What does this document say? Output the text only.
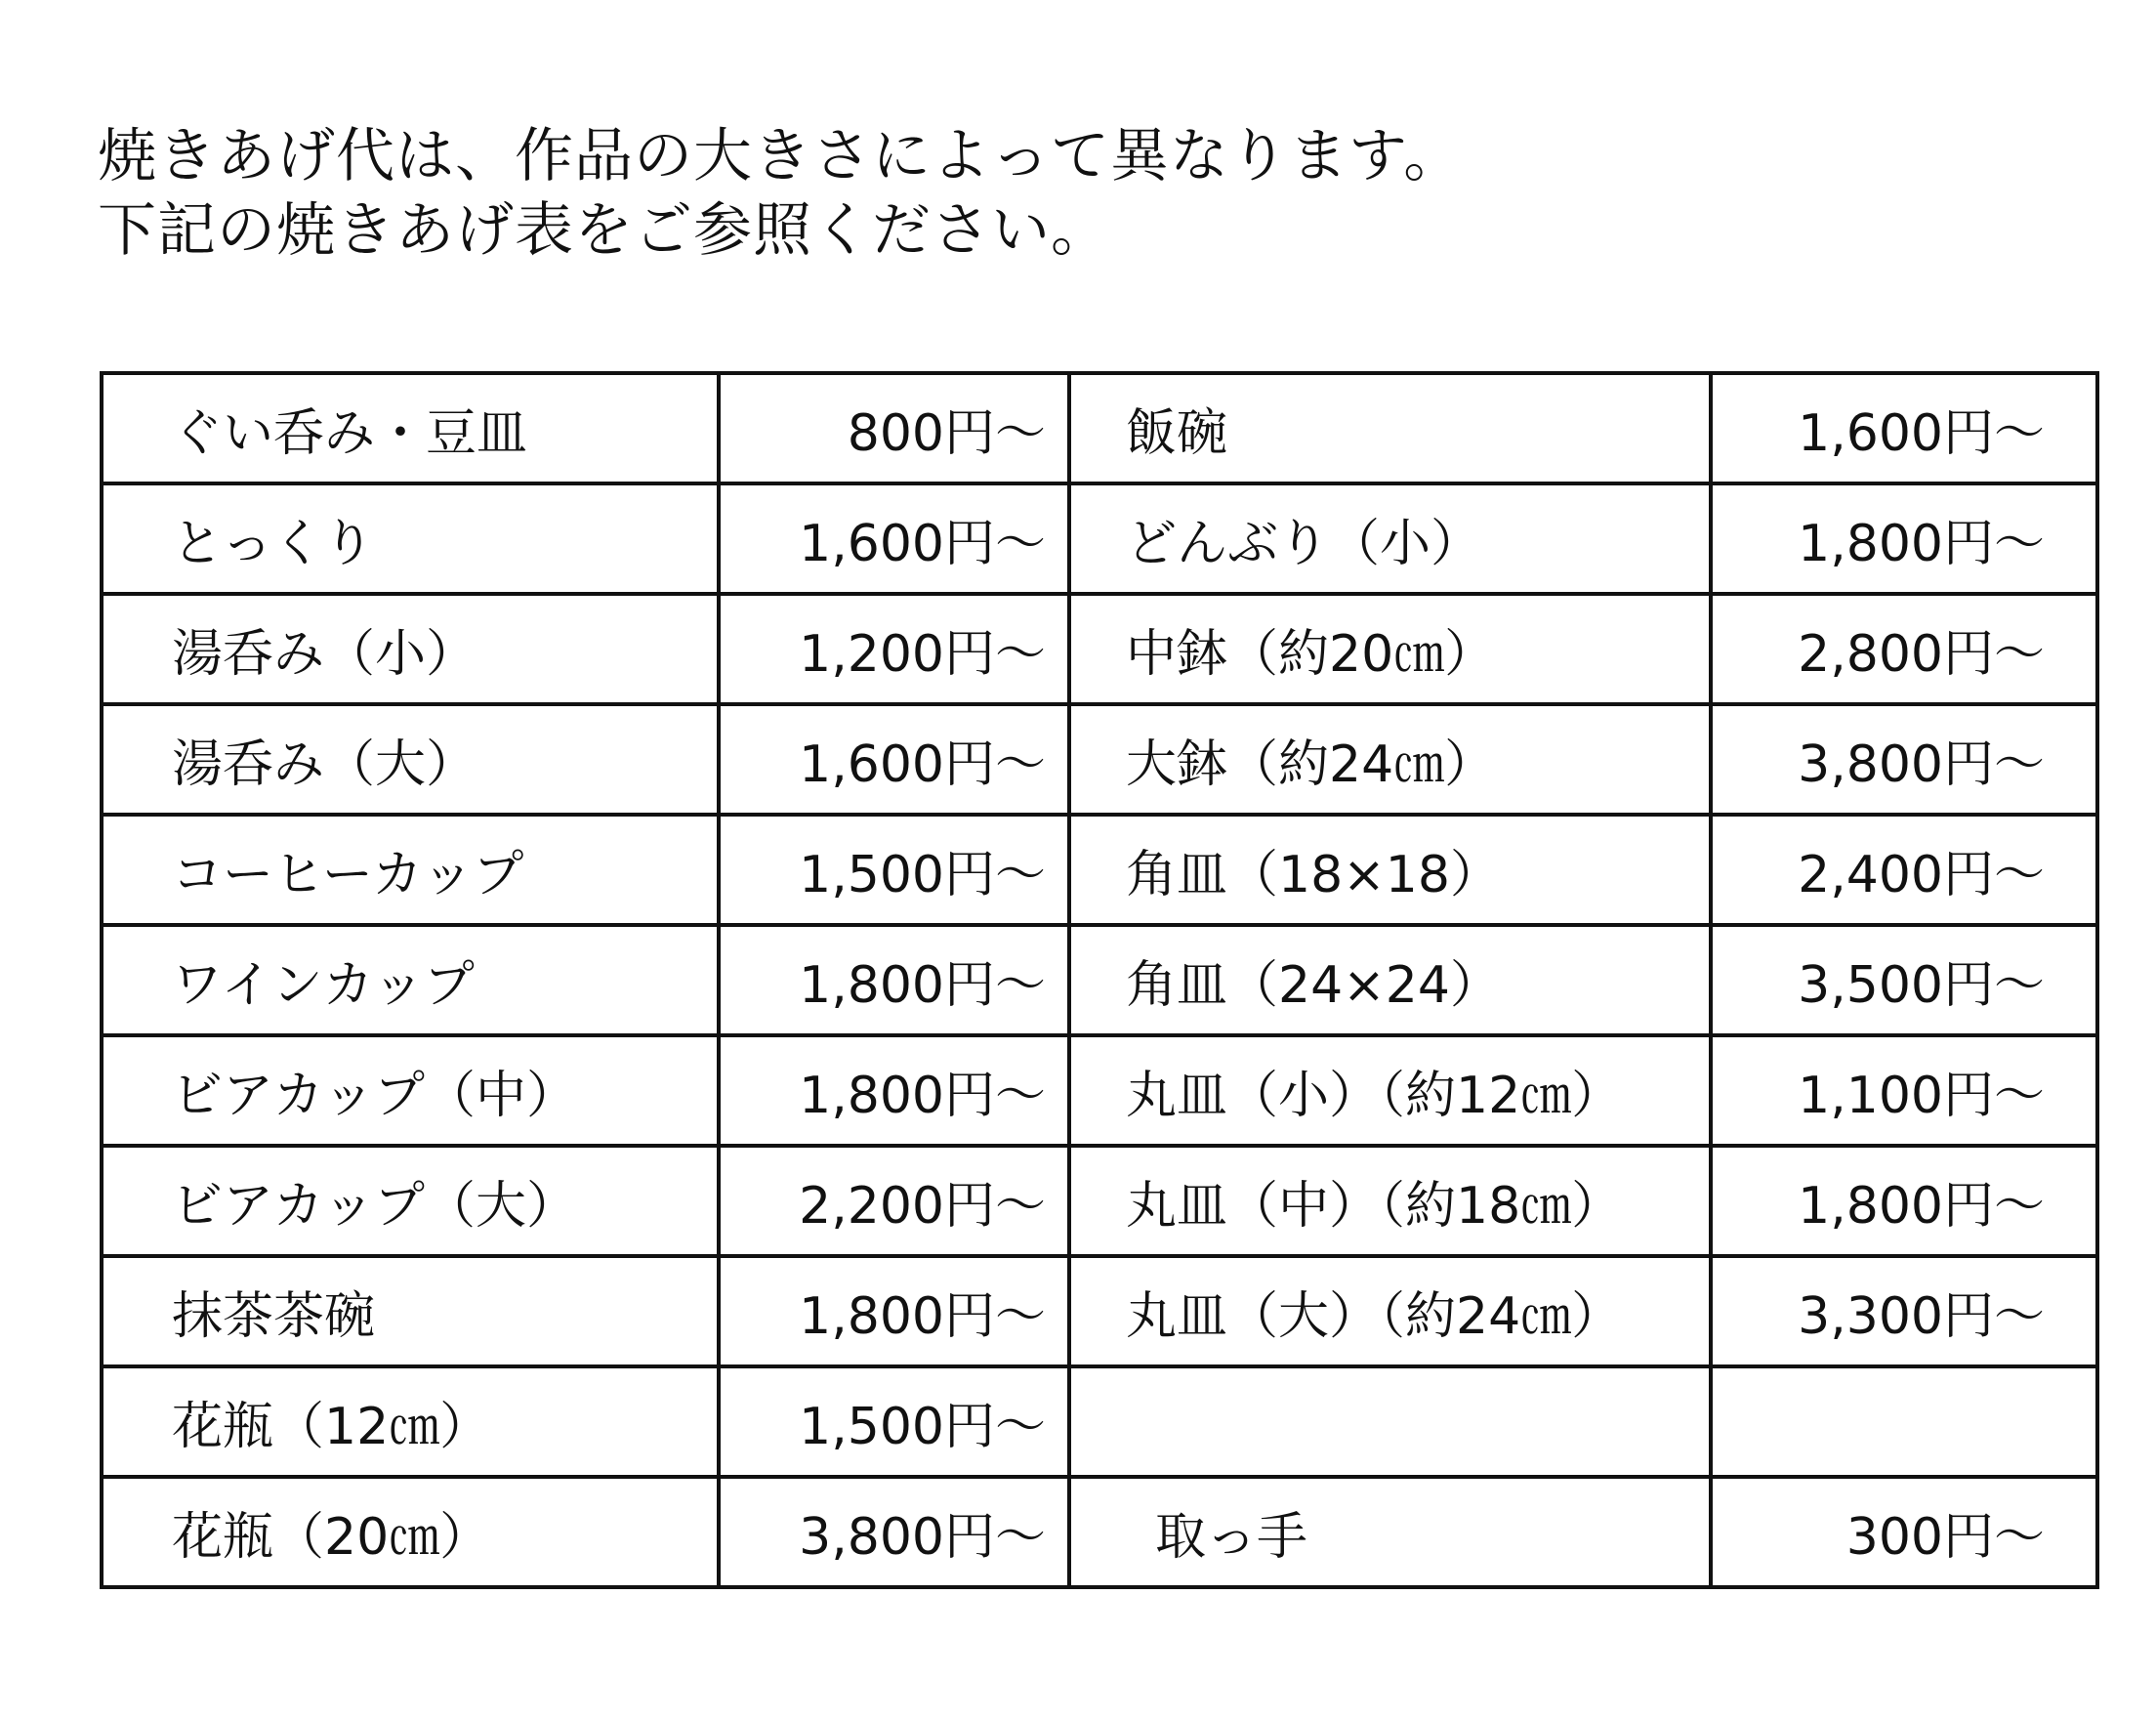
焼きあげ代は、作品の大きさによって異なります。
下記の焼きあげ表をご参照ください。
ぐい呑み・豆皿	800円～	飯碗	1,600円～
とっくり	1,600円～	どんぶり（小）	1,800円～
湯呑み（小）	1,200円～	中鉢（約20㎝）	2,800円～
湯呑み（大）	1,600円～	大鉢（約24㎝）	3,800円～
コーヒーカップ	1,500円～	角皿（18×18）	2,400円～
ワインカップ	1,800円～	角皿（24×24）	3,500円～
ビアカップ（中）	1,800円～	丸皿（小）（約12㎝）	1,100円～
ビアカップ（大）	2,200円～	丸皿（中）（約18㎝）	1,800円～
抹茶茶碗	1,800円～	丸皿（大）（約24㎝）	3,300円～
花瓶（12㎝）	1,500円～		
花瓶（20㎝）	3,800円～	取っ手	300円～
